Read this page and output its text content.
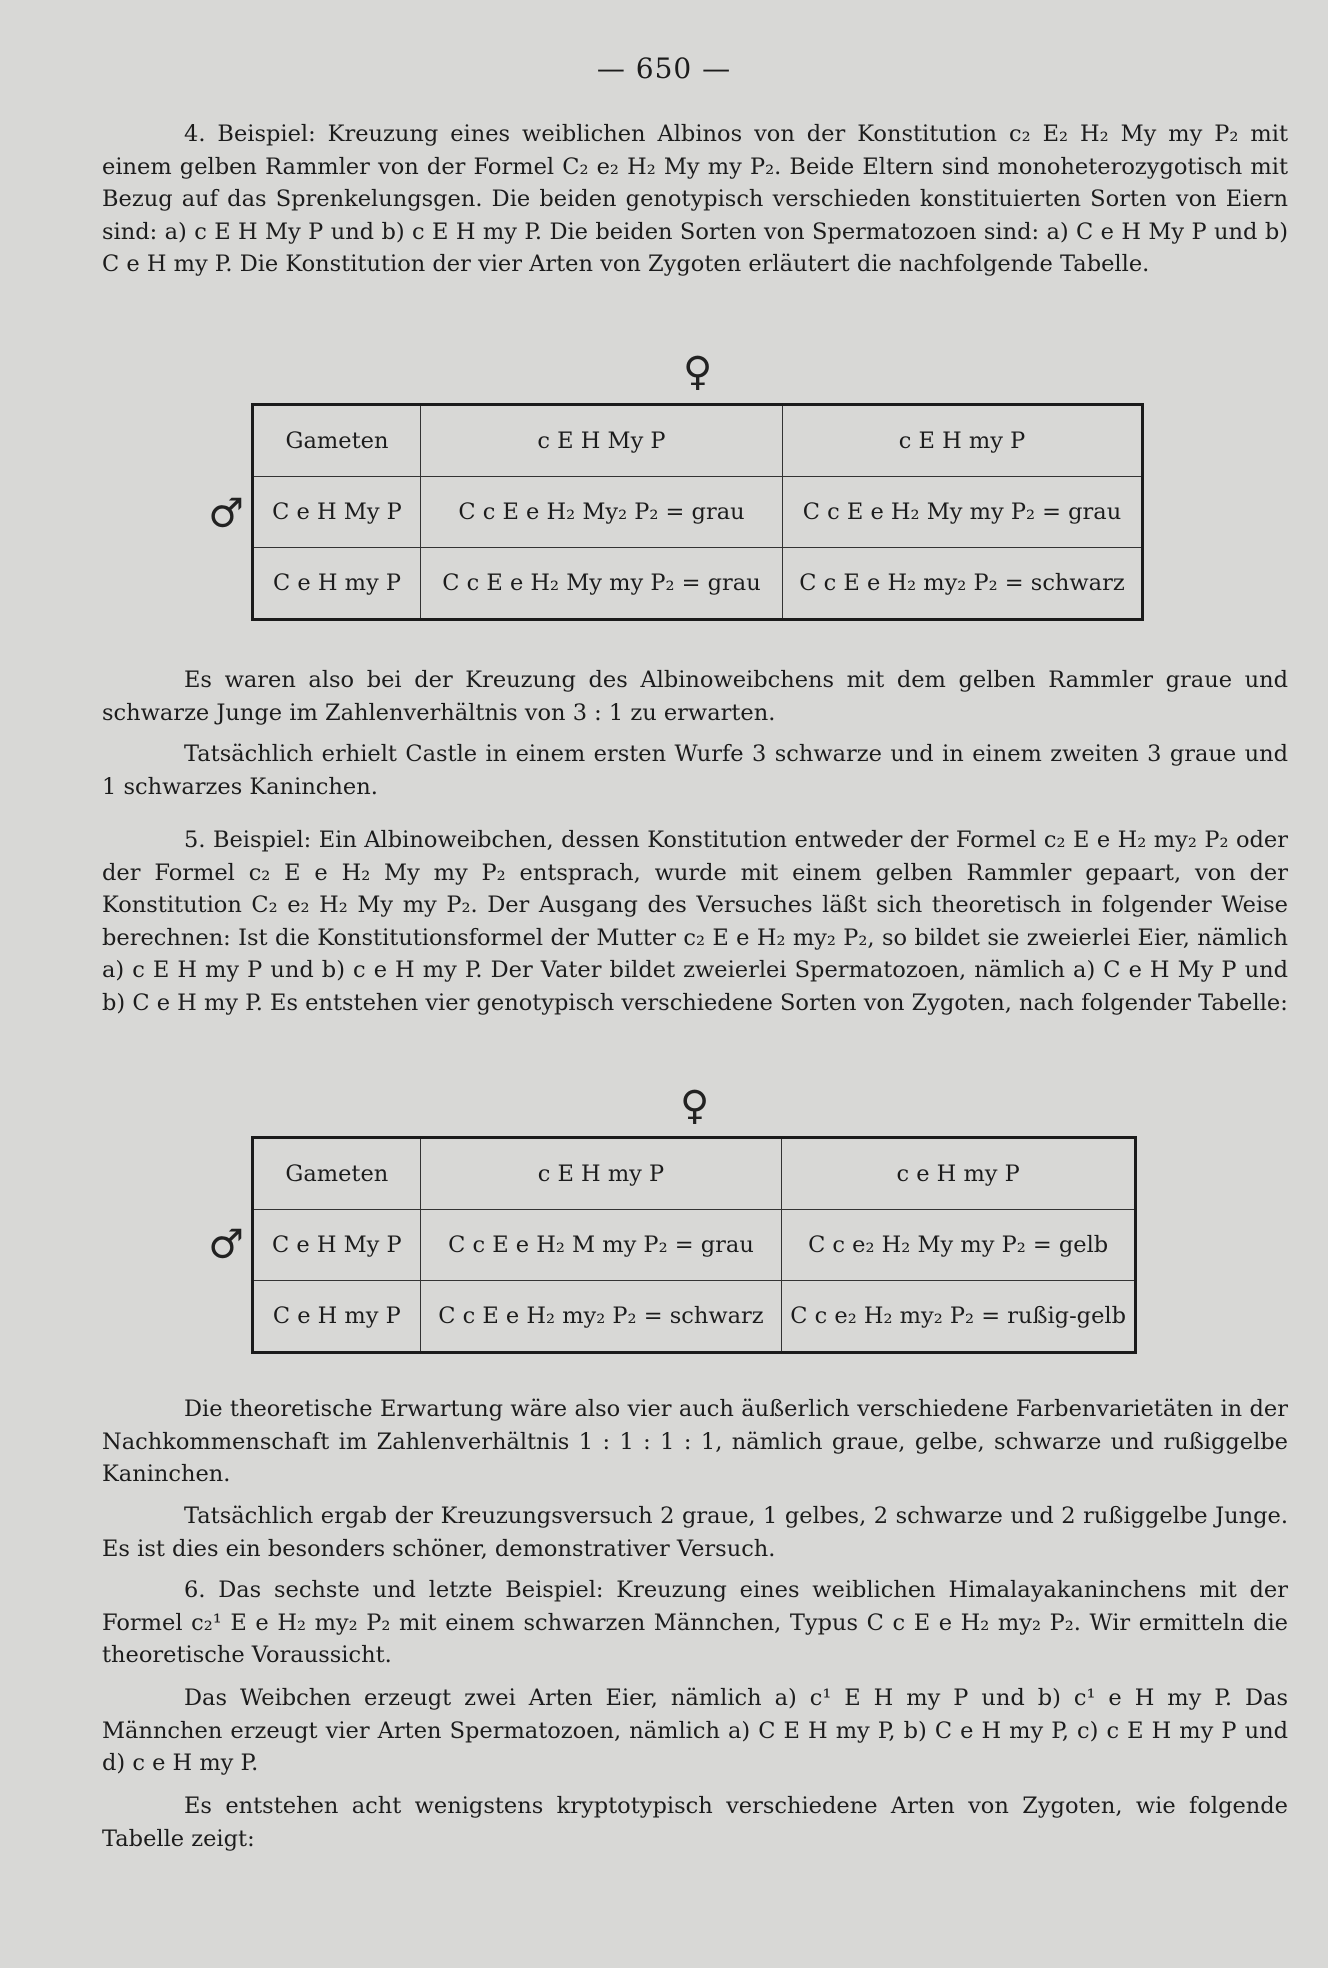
— 650 —

4. Beispiel: Kreuzung eines weiblichen Albinos von der Konstitution c₂ E₂ H₂ My my P₂ mit einem gelben Rammler von der Formel C₂ e₂ H₂ My my P₂. Beide Eltern sind monoheterozygotisch mit Bezug auf das Sprenkelungsgen. Die beiden genotypisch verschieden konstituierten Sorten von Eiern sind: a) c E H My P und b) c E H my P. Die beiden Sorten von Spermatozoen sind: a) C e H My P und b) C e H my P. Die Konstitution der vier Arten von Zygoten erläutert die nachfolgende Tabelle.

♀
♂
Gameten	c E H My P	c E H my P
C e H My P	C c E e H₂ My₂ P₂ = grau	C c E e H₂ My my P₂ = grau
C e H my P	C c E e H₂ My my P₂ = grau	C c E e H₂ my₂ P₂ = schwarz

Es waren also bei der Kreuzung des Albinoweibchens mit dem gelben Rammler graue und schwarze Junge im Zahlenverhältnis von 3 : 1 zu erwarten.

Tatsächlich erhielt Castle in einem ersten Wurfe 3 schwarze und in einem zweiten 3 graue und 1 schwarzes Kaninchen.

5. Beispiel: Ein Albinoweibchen, dessen Konstitution entweder der Formel c₂ E e H₂ my₂ P₂ oder der Formel c₂ E e H₂ My my P₂ entsprach, wurde mit einem gelben Rammler gepaart, von der Konstitution C₂ e₂ H₂ My my P₂. Der Ausgang des Versuches läßt sich theoretisch in folgender Weise berechnen: Ist die Konstitutionsformel der Mutter c₂ E e H₂ my₂ P₂, so bildet sie zweierlei Eier, nämlich a) c E H my P und b) c e H my P. Der Vater bildet zweierlei Spermatozoen, nämlich a) C e H My P und b) C e H my P. Es entstehen vier genotypisch verschiedene Sorten von Zygoten, nach folgender Tabelle:

♀
♂
Gameten	c E H my P	c e H my P
C e H My P	C c E e H₂ M my P₂ = grau	C c e₂ H₂ My my P₂ = gelb
C e H my P	C c E e H₂ my₂ P₂ = schwarz	C c e₂ H₂ my₂ P₂ = rußig-gelb

Die theoretische Erwartung wäre also vier auch äußerlich verschiedene Farbenvarietäten in der Nachkommenschaft im Zahlenverhältnis 1 : 1 : 1 : 1, nämlich graue, gelbe, schwarze und rußiggelbe Kaninchen.

Tatsächlich ergab der Kreuzungsversuch 2 graue, 1 gelbes, 2 schwarze und 2 rußiggelbe Junge. Es ist dies ein besonders schöner, demonstrativer Versuch.

6. Das sechste und letzte Beispiel: Kreuzung eines weiblichen Himalayakaninchens mit der Formel c₂¹ E e H₂ my₂ P₂ mit einem schwarzen Männchen, Typus C c E e H₂ my₂ P₂. Wir ermitteln die theoretische Voraussicht.

Das Weibchen erzeugt zwei Arten Eier, nämlich a) c¹ E H my P und b) c¹ e H my P. Das Männchen erzeugt vier Arten Spermatozoen, nämlich a) C E H my P, b) C e H my P, c) c E H my P und d) c e H my P.

Es entstehen acht wenigstens kryptotypisch verschiedene Arten von Zygoten, wie folgende Tabelle zeigt:
